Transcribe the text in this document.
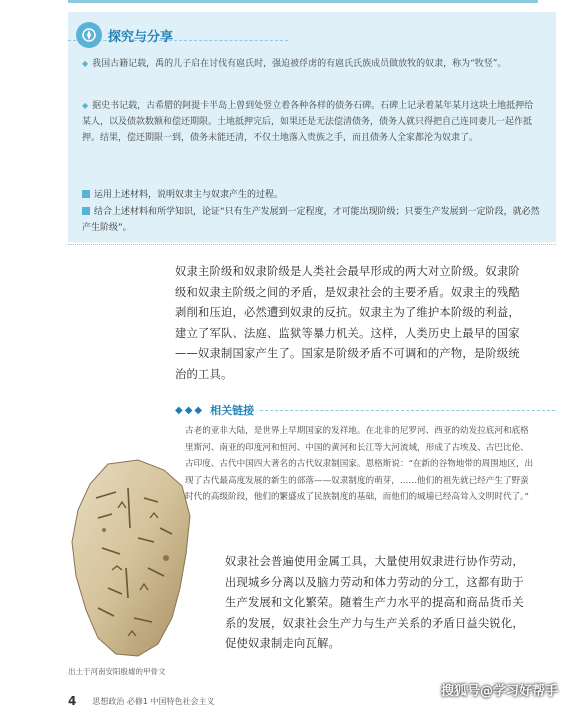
探究与分享
◆ 我国古籍记载，禹的儿子启在讨伐有扈氏时，强迫被俘虏的有扈氏氏族成员做放牧的奴隶，称为“牧竖”。
◆ 据史书记载，古希腊的阿提卡半岛上曾到处竖立着各种各样的债务石碑。石碑上记录着某年某月这块土地抵押给某人，以及债款数额和偿还期限。土地抵押完后，如果还是无法偿清债务，债务人就只得把自己连同妻儿一起作抵押。结果，偿还期限一到，债务未能还清，不仅土地落入贵族之手，而且债务人全家都沦为奴隶了。
运用上述材料，说明奴隶主与奴隶产生的过程。
结合上述材料和所学知识，论证“只有生产发展到一定程度，才可能出现阶级；只要生产发展到一定阶段，就必然产生阶级”。

奴隶主阶级和奴隶阶级是人类社会最早形成的两大对立阶级。奴隶阶级和奴隶主阶级之间的矛盾，是奴隶社会的主要矛盾。奴隶主的残酷剥削和压迫，必然遭到奴隶的反抗。奴隶主为了维护本阶级的利益，建立了军队、法庭、监狱等暴力机关。这样，人类历史上最早的国家——奴隶制国家产生了。国家是阶级矛盾不可调和的产物，是阶级统治的工具。

◆◆◆ 相关链接

古老的亚非大陆，是世界上早期国家的发祥地。在北非的尼罗河、西亚的幼发拉底河和底格里斯河、南亚的印度河和恒河、中国的黄河和长江等大河流域，形成了古埃及、古巴比伦、古印度、古代中国四大著名的古代奴隶制国家。恩格斯说：“在新的谷物地带的周围地区，出现了古代最高度发展的新生的部落——奴隶制度的萌芽，……他们的祖先就已经产生了野蛮时代的高级阶段，他们的繁盛成了民族制度的基础，而他们的城墙已经高耸入文明时代了。”

出土于河南安阳殷墟的甲骨文

奴隶社会普遍使用金属工具，大量使用奴隶进行协作劳动，出现城乡分离以及脑力劳动和体力劳动的分工，这都有助于生产发展和文化繁荣。随着生产力水平的提高和商品货币关系的发展，奴隶社会生产力与生产关系的矛盾日益尖锐化，促使奴隶制走向瓦解。

4 思想政治 必修1 中国特色社会主义
搜狐号@学习好帮手
